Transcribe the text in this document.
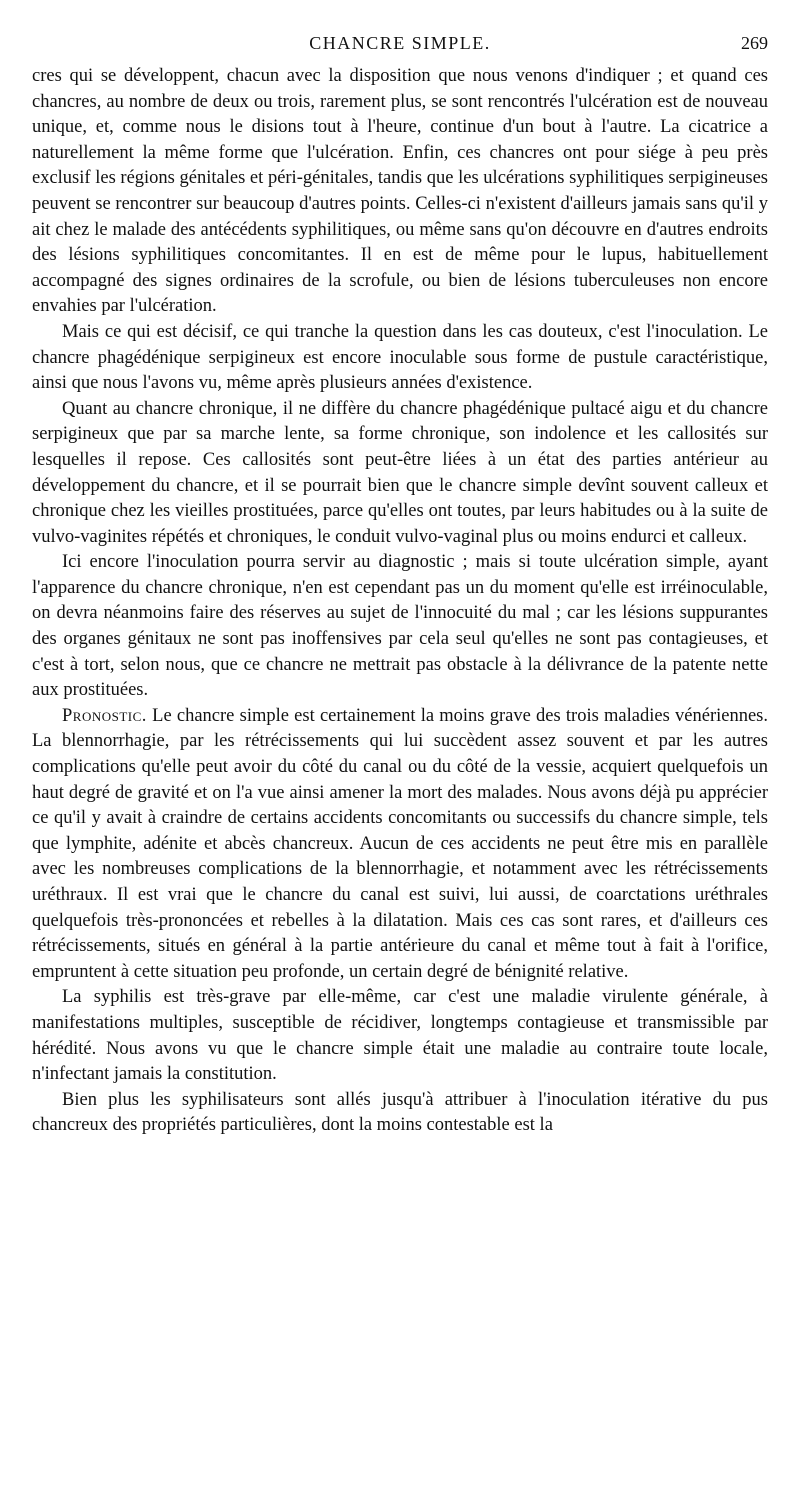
CHANCRE SIMPLE.	269

cres qui se développent, chacun avec la disposition que nous venons d'indiquer ; et quand ces chancres, au nombre de deux ou trois, rarement plus, se sont rencontrés l'ulcération est de nouveau unique, et, comme nous le disions tout à l'heure, continue d'un bout à l'autre. La cicatrice a naturellement la même forme que l'ulcération. Enfin, ces chancres ont pour siége à peu près exclusif les régions génitales et péri-génitales, tandis que les ulcérations syphilitiques serpigineuses peuvent se rencontrer sur beaucoup d'autres points. Celles-ci n'existent d'ailleurs jamais sans qu'il y ait chez le malade des antécédents syphilitiques, ou même sans qu'on découvre en d'autres endroits des lésions syphilitiques concomitantes. Il en est de même pour le lupus, habituellement accompagné des signes ordinaires de la scrofule, ou bien de lésions tuberculeuses non encore envahies par l'ulcération.

Mais ce qui est décisif, ce qui tranche la question dans les cas douteux, c'est l'inoculation. Le chancre phagédénique serpigineux est encore inoculable sous forme de pustule caractéristique, ainsi que nous l'avons vu, même après plusieurs années d'existence.

Quant au chancre chronique, il ne diffère du chancre phagédénique pultacé aigu et du chancre serpigineux que par sa marche lente, sa forme chronique, son indolence et les callosités sur lesquelles il repose. Ces callosités sont peut-être liées à un état des parties antérieur au développement du chancre, et il se pourrait bien que le chancre simple devînt souvent calleux et chronique chez les vieilles prostituées, parce qu'elles ont toutes, par leurs habitudes ou à la suite de vulvo-vaginites répétés et chroniques, le conduit vulvo-vaginal plus ou moins endurci et calleux.

Ici encore l'inoculation pourra servir au diagnostic ; mais si toute ulcération simple, ayant l'apparence du chancre chronique, n'en est cependant pas un du moment qu'elle est irréinoculable, on devra néanmoins faire des réserves au sujet de l'innocuité du mal ; car les lésions suppurantes des organes génitaux ne sont pas inoffensives par cela seul qu'elles ne sont pas contagieuses, et c'est à tort, selon nous, que ce chancre ne mettrait pas obstacle à la délivrance de la patente nette aux prostituées.

Pronostic. Le chancre simple est certainement la moins grave des trois maladies vénériennes. La blennorrhagie, par les rétrécissements qui lui succèdent assez souvent et par les autres complications qu'elle peut avoir du côté du canal ou du côté de la vessie, acquiert quelquefois un haut degré de gravité et on l'a vue ainsi amener la mort des malades. Nous avons déjà pu apprécier ce qu'il y avait à craindre de certains accidents concomitants ou successifs du chancre simple, tels que lymphite, adénite et abcès chancreux. Aucun de ces accidents ne peut être mis en parallèle avec les nombreuses complications de la blennorrhagie, et notamment avec les rétrécissements uréthraux. Il est vrai que le chancre du canal est suivi, lui aussi, de coarctations uréthrales quelquefois très-prononcées et rebelles à la dilatation. Mais ces cas sont rares, et d'ailleurs ces rétrécissements, situés en général à la partie antérieure du canal et même tout à fait à l'orifice, empruntent à cette situation peu profonde, un certain degré de bénignité relative.

La syphilis est très-grave par elle-même, car c'est une maladie virulente générale, à manifestations multiples, susceptible de récidiver, longtemps contagieuse et transmissible par hérédité. Nous avons vu que le chancre simple était une maladie au contraire toute locale, n'infectant jamais la constitution.

Bien plus les syphilisateurs sont allés jusqu'à attribuer à l'inoculation itérative du pus chancreux des propriétés particulières, dont la moins contestable est la
